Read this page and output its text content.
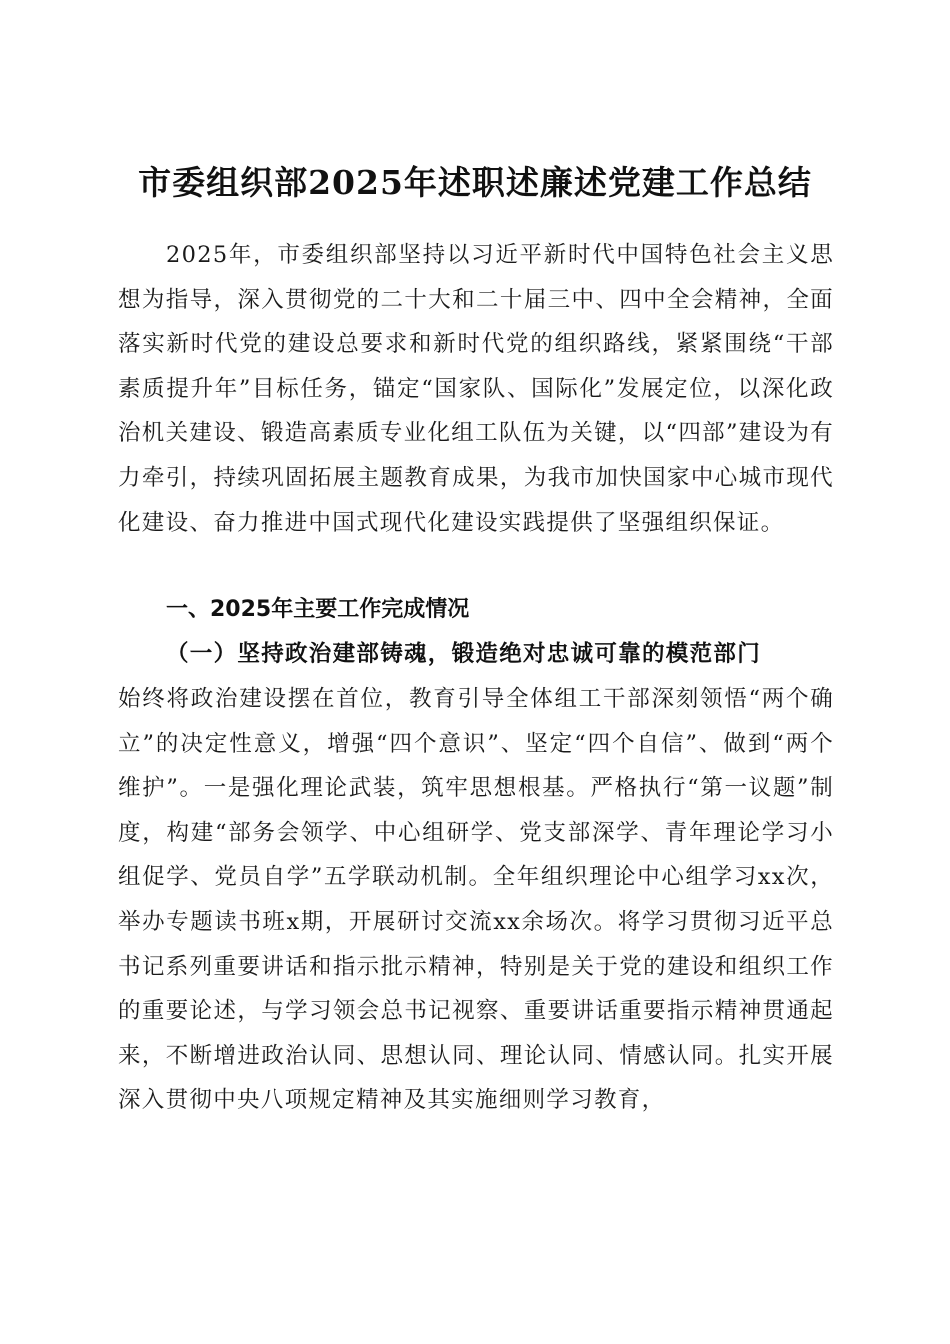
市委组织部2025年述职述廉述党建工作总结

2025年，市委组织部坚持以习近平新时代中国特色社会主义思想为指导，深入贯彻党的二十大和二十届三中、四中全会精神，全面落实新时代党的建设总要求和新时代党的组织路线，紧紧围绕“干部素质提升年”目标任务，锚定“国家队、国际化”发展定位，以深化政治机关建设、锻造高素质专业化组工队伍为关键，以“四部”建设为有力牵引，持续巩固拓展主题教育成果，为我市加快国家中心城市现代化建设、奋力推进中国式现代化建设实践提供了坚强组织保证。

一、2025年主要工作完成情况
（一）坚持政治建部铸魂，锻造绝对忠诚可靠的模范部门

始终将政治建设摆在首位，教育引导全体组工干部深刻领悟“两个确立”的决定性意义，增强“四个意识”、坚定“四个自信”、做到“两个维护”。一是强化理论武装，筑牢思想根基。严格执行“第一议题”制度，构建“部务会领学、中心组研学、党支部深学、青年理论学习小组促学、党员自学”五学联动机制。全年组织理论中心组学习xx次，举办专题读书班x期，开展研讨交流xx余场次。将学习贯彻习近平总书记系列重要讲话和指示批示精神，特别是关于党的建设和组织工作的重要论述，与学习领会总书记视察、重要讲话重要指示精神贯通起来，不断增进政治认同、思想认同、理论认同、情感认同。扎实开展深入贯彻中央八项规定精神及其实施细则学习教育，
